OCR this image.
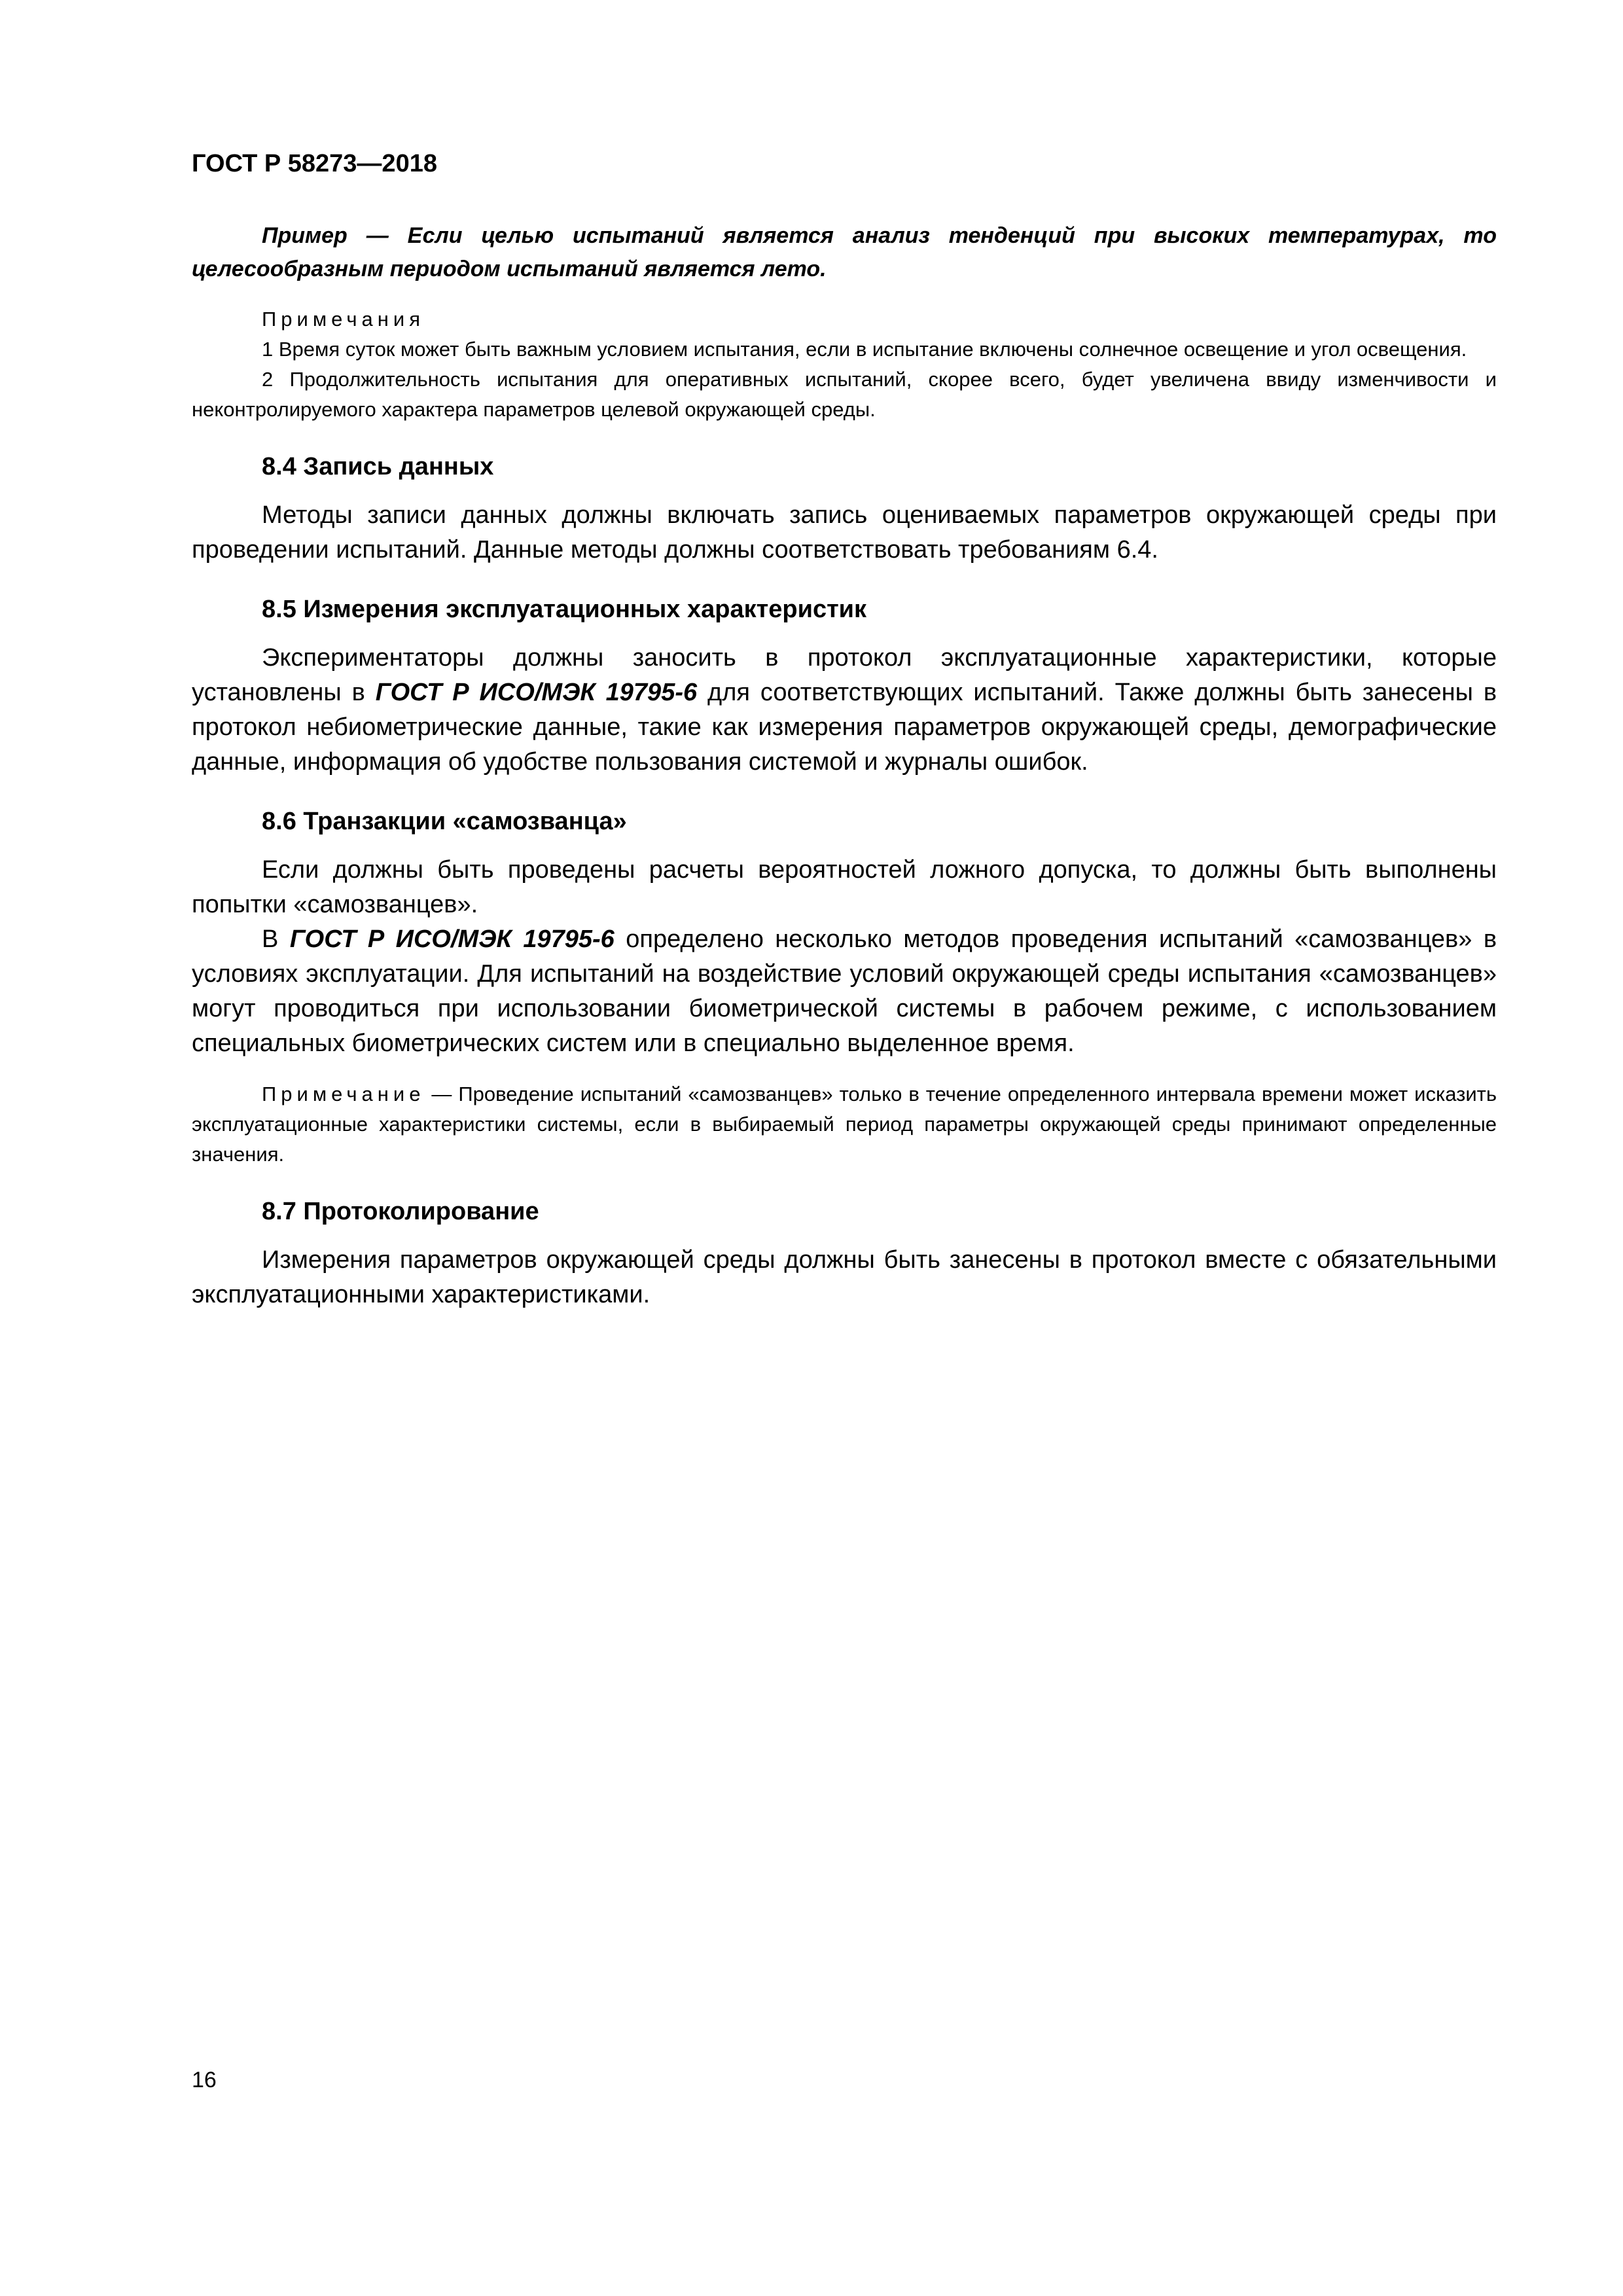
ГОСТ Р 58273—2018

Пример — Если целью испытаний является анализ тенденций при высоких температурах, то целесообразным периодом испытаний является лето.

Примечания

1 Время суток может быть важным условием испытания, если в испытание включены солнечное освещение и угол освещения.

2 Продолжительность испытания для оперативных испытаний, скорее всего, будет увеличена ввиду изменчивости и неконтролируемого характера параметров целевой окружающей среды.

8.4 Запись данных

Методы записи данных должны включать запись оцениваемых параметров окружающей среды при проведении испытаний. Данные методы должны соответствовать требованиям 6.4.

8.5 Измерения эксплуатационных характеристик

Экспериментаторы должны заносить в протокол эксплуатационные характеристики, которые установлены в ГОСТ Р ИСО/МЭК 19795-6 для соответствующих испытаний. Также должны быть занесены в протокол небиометрические данные, такие как измерения параметров окружающей среды, демографические данные, информация об удобстве пользования системой и журналы ошибок.

8.6 Транзакции «самозванца»

Если должны быть проведены расчеты вероятностей ложного допуска, то должны быть выполнены попытки «самозванцев».

В ГОСТ Р ИСО/МЭК 19795-6 определено несколько методов проведения испытаний «самозванцев» в условиях эксплуатации. Для испытаний на воздействие условий окружающей среды испытания «самозванцев» могут проводиться при использовании биометрической системы в рабочем режиме, с использованием специальных биометрических систем или в специально выделенное время.

Примечание — Проведение испытаний «самозванцев» только в течение определенного интервала времени может исказить эксплуатационные характеристики системы, если в выбираемый период параметры окружающей среды принимают определенные значения.

8.7 Протоколирование

Измерения параметров окружающей среды должны быть занесены в протокол вместе с обязательными эксплуатационными характеристиками.

16
